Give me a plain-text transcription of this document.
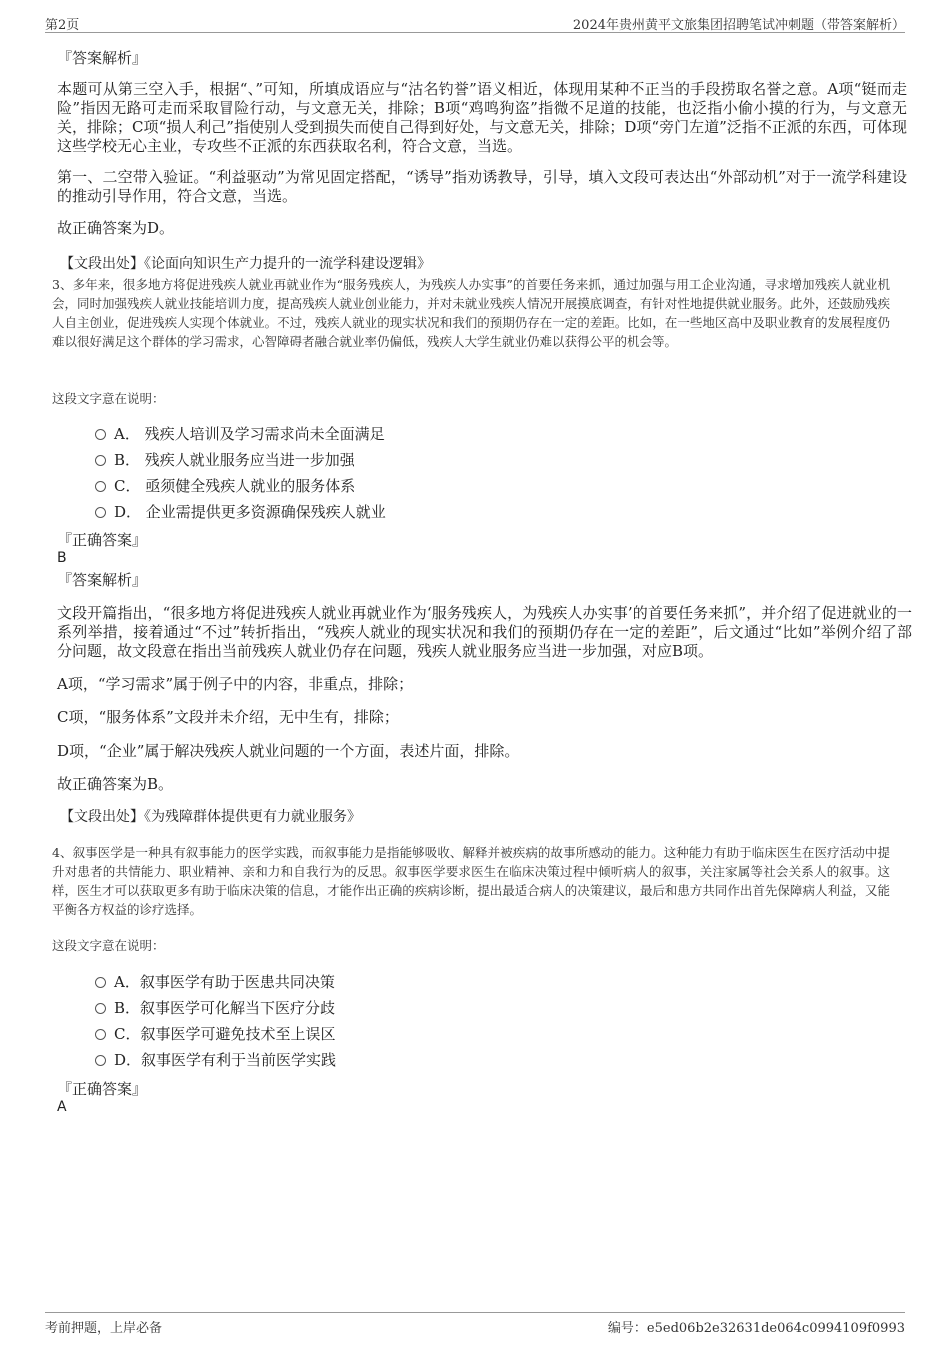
第2页	2024年贵州黄平文旅集团招聘笔试冲刺题（带答案解析）
『答案解析』
本题可从第三空入手，根据“、”可知，所填成语应与“沽名钓誉”语义相近，体现用某种不正当的手段捞取名誉之意。A项“铤而走险”指因无路可走而采取冒险行动，与文意无关，排除；B项“鸡鸣狗盗”指微不足道的技能，也泛指小偷小摸的行为，与文意无关，排除；C项“损人利己”指使别人受到损失而使自己得到好处，与文意无关，排除；D项“旁门左道”泛指不正派的东西，可体现这些学校无心主业，专攻些不正派的东西获取名利，符合文意，当选。
第一、二空带入验证。“利益驱动”为常见固定搭配，“诱导”指劝诱教导，引导，填入文段可表达出“外部动机”对于一流学科建设的推动引导作用，符合文意，当选。
故正确答案为D。
【文段出处】《论面向知识生产力提升的一流学科建设逻辑》
3、多年来，很多地方将促进残疾人就业再就业作为“服务残疾人，为残疾人办实事”的首要任务来抓，通过加强与用工企业沟通，寻求增加残疾人就业机会，同时加强残疾人就业技能培训力度，提高残疾人就业创业能力，并对未就业残疾人情况开展摸底调查，有针对性地提供就业服务。此外，还鼓励残疾人自主创业，促进残疾人实现个体就业。不过，残疾人就业的现实状况和我们的预期仍存在一定的差距。比如，在一些地区高中及职业教育的发展程度仍难以很好满足这个群体的学习需求，心智障碍者融合就业率仍偏低，残疾人大学生就业仍难以获得公平的机会等。
这段文字意在说明：
A． 残疾人培训及学习需求尚未全面满足
B． 残疾人就业服务应当进一步加强
C． 亟须健全残疾人就业的服务体系
D． 企业需提供更多资源确保残疾人就业
『正确答案』
B
『答案解析』
文段开篇指出，“很多地方将促进残疾人就业再就业作为‘服务残疾人，为残疾人办实事’的首要任务来抓”，并介绍了促进就业的一系列举措，接着通过“不过”转折指出，“残疾人就业的现实状况和我们的预期仍存在一定的差距”，后文通过“比如”举例介绍了部分问题，故文段意在指出当前残疾人就业仍存在问题，残疾人就业服务应当进一步加强，对应B项。
A项，“学习需求”属于例子中的内容，非重点，排除；
C项，“服务体系”文段并未介绍，无中生有，排除；
D项，“企业”属于解决残疾人就业问题的一个方面，表述片面，排除。
故正确答案为B。
【文段出处】《为残障群体提供更有力就业服务》
4、叙事医学是一种具有叙事能力的医学实践，而叙事能力是指能够吸收、解释并被疾病的故事所感动的能力。这种能力有助于临床医生在医疗活动中提升对患者的共情能力、职业精神、亲和力和自我行为的反思。叙事医学要求医生在临床决策过程中倾听病人的叙事，关注家属等社会关系人的叙事。这样，医生才可以获取更多有助于临床决策的信息，才能作出正确的疾病诊断，提出最适合病人的决策建议，最后和患方共同作出首先保障病人利益，又能平衡各方权益的诊疗选择。
这段文字意在说明：
A．叙事医学有助于医患共同决策
B．叙事医学可化解当下医疗分歧
C．叙事医学可避免技术至上误区
D．叙事医学有利于当前医学实践
『正确答案』
A
考前押题，上岸必备	编号：e5ed06b2e32631de064c0994109f0993
